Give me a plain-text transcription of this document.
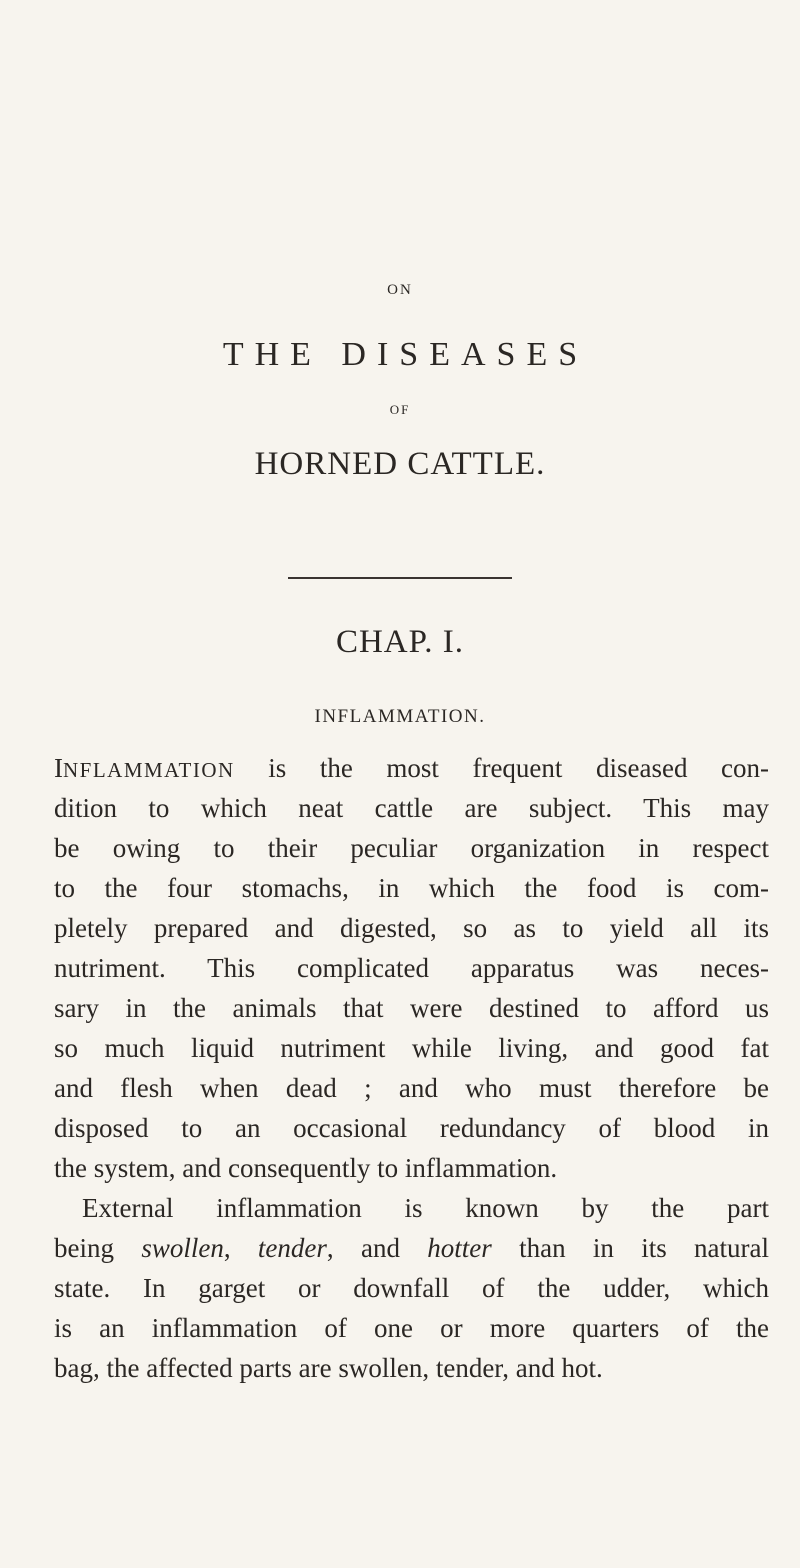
ON
THE DISEASES
OF
HORNED CATTLE.
CHAP. I.
INFLAMMATION.
INFLAMMATION is the most frequent diseased con-
dition to which neat cattle are subject. This may
be owing to their peculiar organization in respect
to the four stomachs, in which the food is com-
pletely prepared and digested, so as to yield all its
nutriment. This complicated apparatus was neces-
sary in the animals that were destined to afford us
so much liquid nutriment while living, and good fat
and flesh when dead ; and who must therefore be
disposed to an occasional redundancy of blood in
the system, and consequently to inflammation.
External inflammation is known by the part
being swollen, tender, and hotter than in its natural
state. In garget or downfall of the udder, which
is an inflammation of one or more quarters of the
bag, the affected parts are swollen, tender, and hot.
